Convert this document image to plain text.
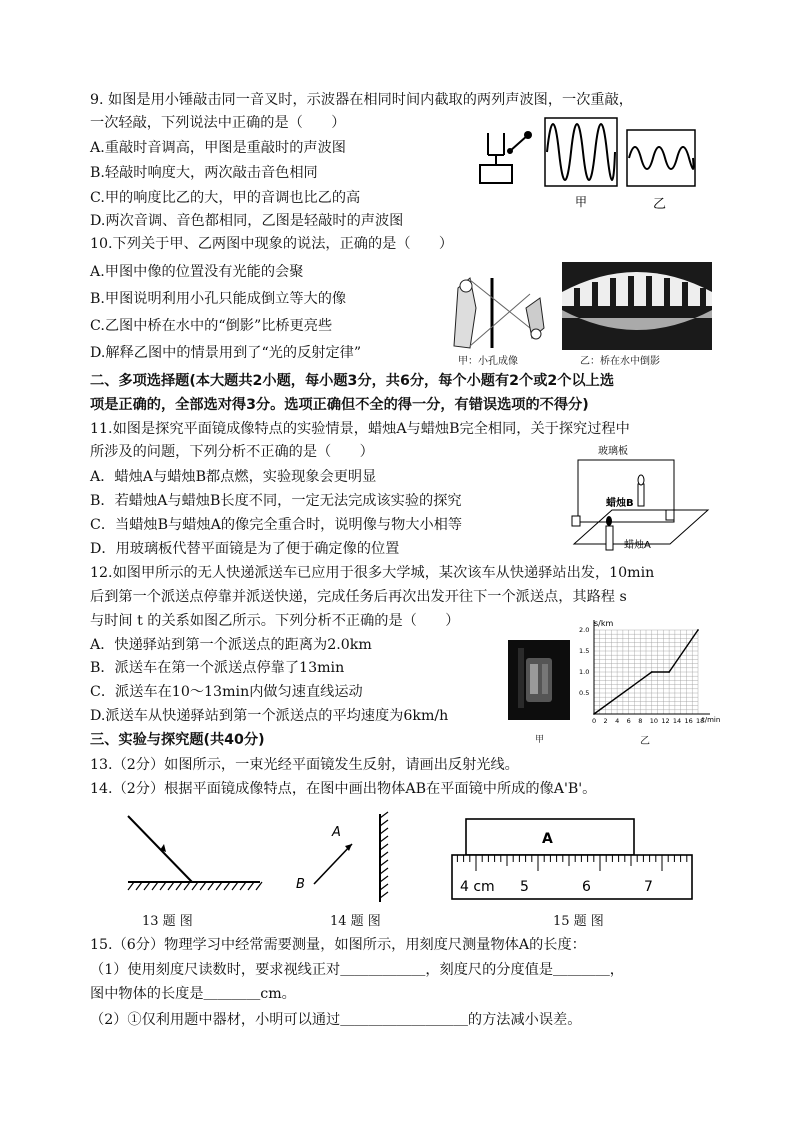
9. 如图是用小锤敲击同一音叉时，示波器在相同时间内截取的两列声波图，一次重敲，
一次轻敲，下列说法中正确的是（　　）
A.重敲时音调高，甲图是重敲时的声波图
B.轻敲时响度大，两次敲击音色相同
C.甲的响度比乙的大，甲的音调也比乙的高
D.两次音调、音色都相同，乙图是轻敲时的声波图
甲	乙
10.下列关于甲、乙两图中现象的说法，正确的是（　　）
A.甲图中像的位置没有光能的会聚
B.甲图说明利用小孔只能成倒立等大的像
C.乙图中桥在水中的“倒影”比桥更亮些
D.解释乙图中的情景用到了“光的反射定律”
甲：小孔成像	乙：桥在水中倒影
二、多项选择题(本大题共2小题，每小题3分，共6分，每个小题有2个或2个以上选
项是正确的，全部选对得3分。选项正确但不全的得一分，有错误选项的不得分)
11.如图是探究平面镜成像特点的实验情景，蜡烛A与蜡烛B完全相同，关于探究过程中
所涉及的问题，下列分析不正确的是（　　）
A．蜡烛A与蜡烛B都点燃，实验现象会更明显
B．若蜡烛A与蜡烛B长度不同，一定无法完成该实验的探究
C．当蜡烛B与蜡烛A的像完全重合时，说明像与物大小相等
D．用玻璃板代替平面镜是为了便于确定像的位置
玻璃板
蜡烛B
蜡烛A
12.如图甲所示的无人快递派送车已应用于很多大学城，某次该车从快递驿站出发，10min
后到第一个派送点停靠并派送快递，完成任务后再次出发开往下一个派送点，其路程 s
与时间 t 的关系如图乙所示。下列分析不正确的是（　　）
A．快递驿站到第一个派送点的距离为2.0km
B．派送车在第一个派送点停靠了13min
C．派送车在10～13min内做匀速直线运动
D.派送车从快递驿站到第一个派送点的平均速度为6km/h
甲
0 2 4 6 8 10 12 14 16 18
0.5
1.0
1.5
2.0
s/km
t/min
乙
三、实验与探究题(共40分)
13.（2分）如图所示，一束光经平面镜发生反射，请画出反射光线。
14.（2分）根据平面镜成像特点，在图中画出物体AB在平面镜中所成的像A'B'。
13 题 图
A
B
14 题 图
A
4 cm 5	6	7
15 题 图
15.（6分）物理学习中经常需要测量，如图所示，用刻度尺测量物体A的长度：
（1）使用刻度尺读数时，要求视线正对＿＿＿＿＿＿，刻度尺的分度值是＿＿＿＿，
图中物体的长度是＿＿＿＿cm。
（2）①仅利用题中器材，小明可以通过＿＿＿＿＿＿＿＿＿的方法减小误差。
